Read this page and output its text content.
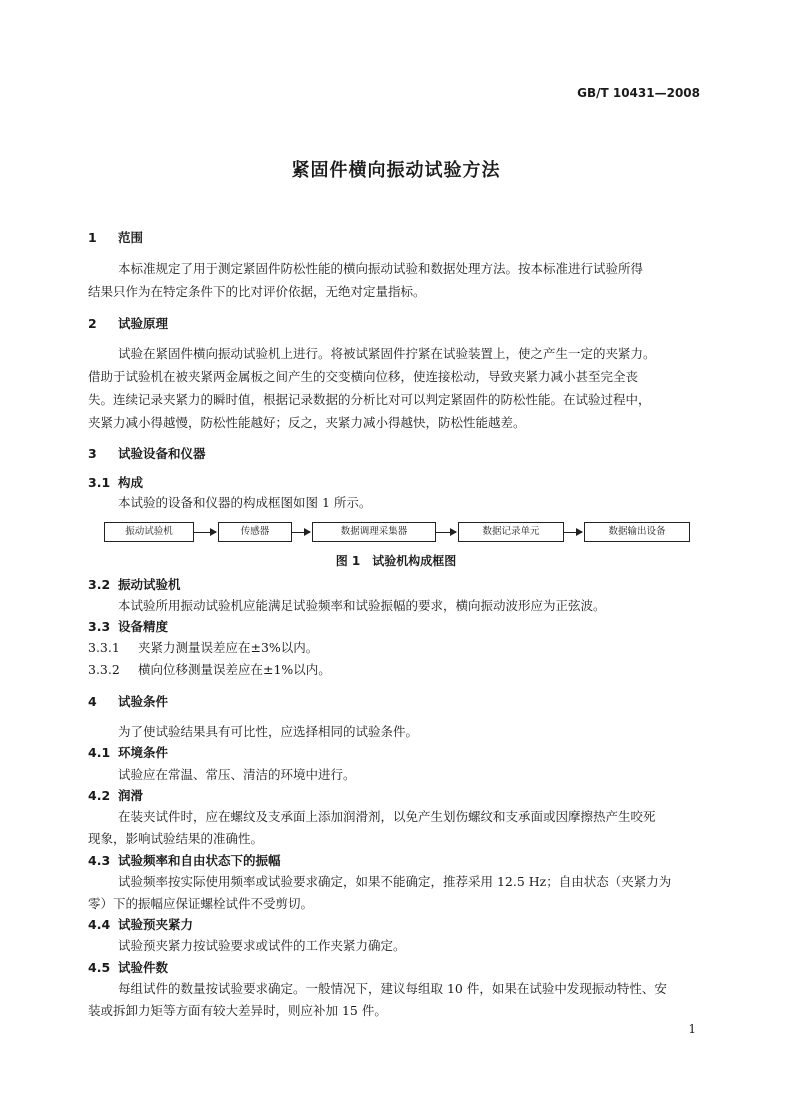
GB/T 10431—2008
紧固件横向振动试验方法
1 范围
本标准规定了用于测定紧固件防松性能的横向振动试验和数据处理方法。按本标准进行试验所得
结果只作为在特定条件下的比对评价依据，无绝对定量指标。
2 试验原理
试验在紧固件横向振动试验机上进行。将被试紧固件拧紧在试验装置上，使之产生一定的夹紧力。
借助于试验机在被夹紧两金属板之间产生的交变横向位移，使连接松动，导致夹紧力减小甚至完全丧
失。连续记录夹紧力的瞬时值，根据记录数据的分析比对可以判定紧固件的防松性能。在试验过程中，
夹紧力减小得越慢，防松性能越好；反之，夹紧力减小得越快，防松性能越差。
3 试验设备和仪器
3.1 构成
本试验的设备和仪器的构成框图如图 1 所示。
振动试验机	传感器	数据调理采集器	数据记录单元	数据输出设备
图 1　试验机构成框图
3.2 振动试验机
本试验所用振动试验机应能满足试验频率和试验振幅的要求，横向振动波形应为正弦波。
3.3 设备精度
3.3.1 夹紧力测量误差应在±3%以内。
3.3.2 横向位移测量误差应在±1%以内。
4 试验条件
为了使试验结果具有可比性，应选择相同的试验条件。
4.1 环境条件
试验应在常温、常压、清洁的环境中进行。
4.2 润滑
在装夹试件时，应在螺纹及支承面上添加润滑剂，以免产生划伤螺纹和支承面或因摩擦热产生咬死
现象，影响试验结果的准确性。
4.3 试验频率和自由状态下的振幅
试验频率按实际使用频率或试验要求确定，如果不能确定，推荐采用 12.5 Hz；自由状态（夹紧力为
零）下的振幅应保证螺栓试件不受剪切。
4.4 试验预夹紧力
试验预夹紧力按试验要求或试件的工作夹紧力确定。
4.5 试验件数
每组试件的数量按试验要求确定。一般情况下，建议每组取 10 件，如果在试验中发现振动特性、安
装或拆卸力矩等方面有较大差异时，则应补加 15 件。
1
